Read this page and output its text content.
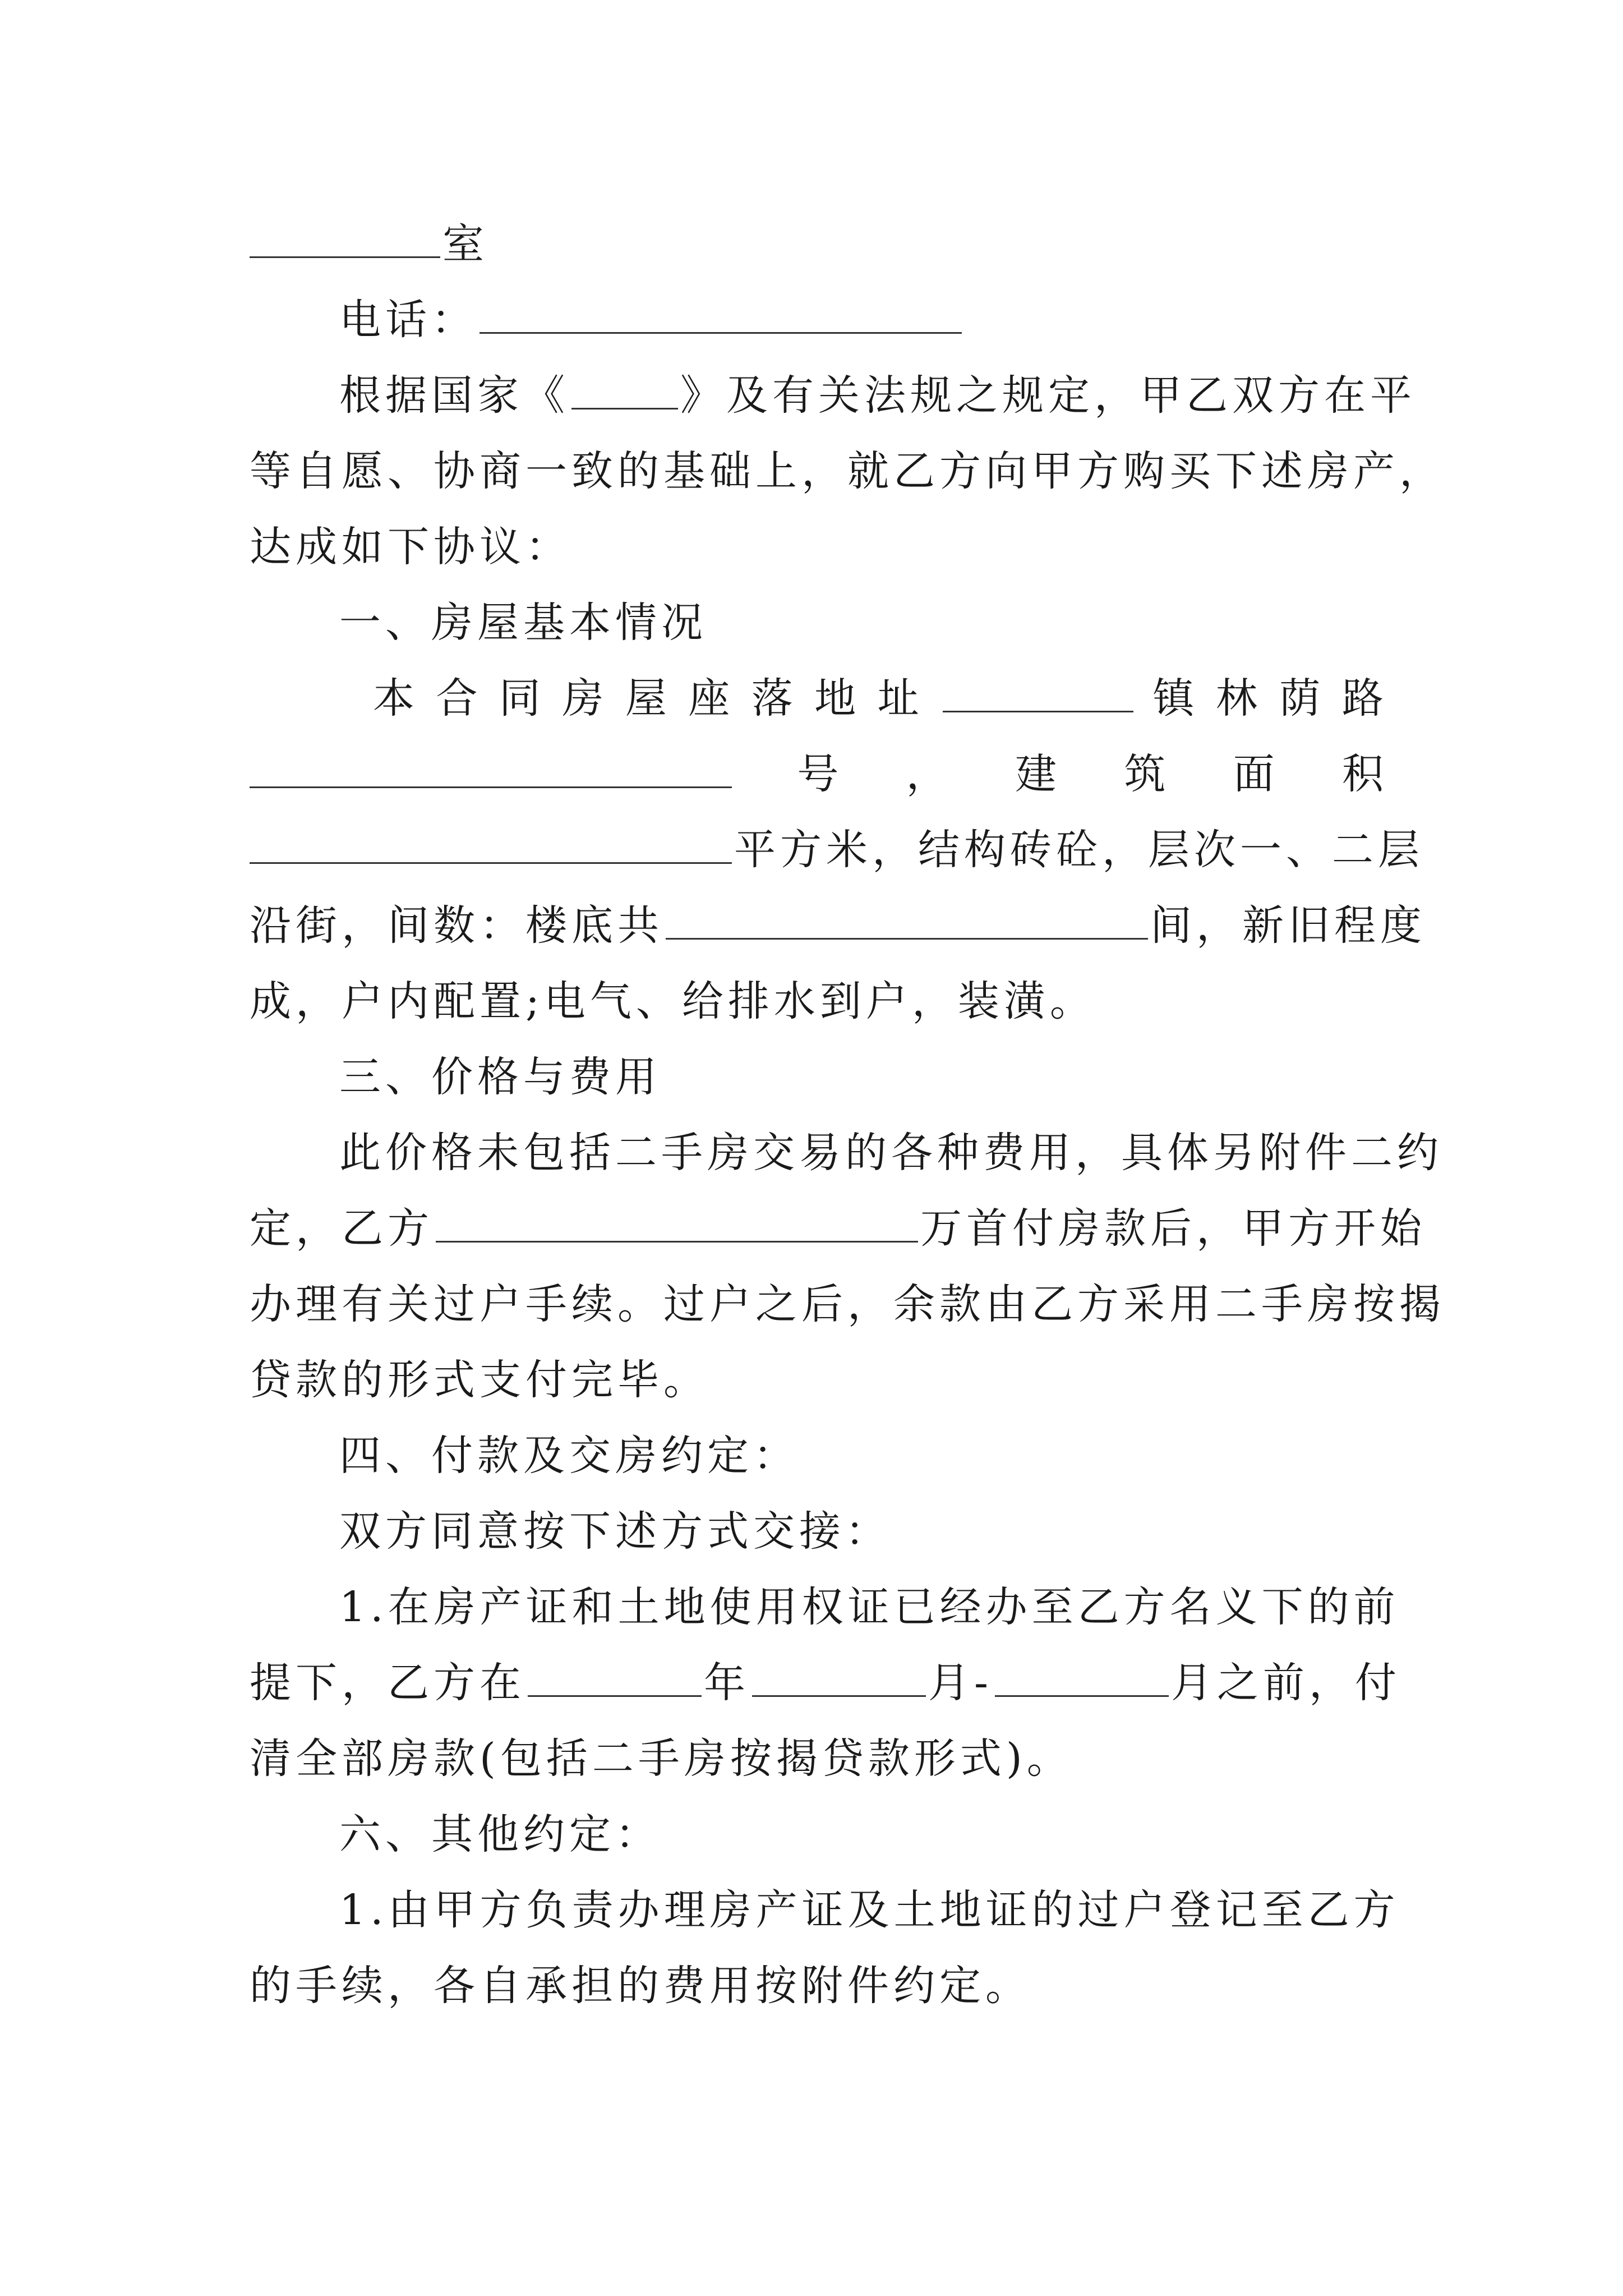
室
电话：
根据国家《	》及有关法规之规定，甲乙双方在平
等自愿、协商一致的基础上，就乙方向甲方购买下述房产，
达成如下协议：
一、房屋基本情况
本 合 同 房 屋 座 落 地 址	镇 林 荫 路
号 ， 建 筑 面 积
平方米，结构砖砼，层次一、二层
沿街，间数：楼底共	间，新旧程度
成，户内配置;电气、给排水到户，装潢。
三、价格与费用
此价格未包括二手房交易的各种费用，具体另附件二约
定，乙方	万首付房款后，甲方开始
办理有关过户手续。过户之后，余款由乙方采用二手房按揭
贷款的形式支付完毕。
四、付款及交房约定：
双方同意按下述方式交接：
1.在房产证和土地使用权证已经办至乙方名义下的前
提下，乙方在	年	月-	月之前，付
清全部房款(包括二手房按揭贷款形式)。
六、其他约定：
1.由甲方负责办理房产证及土地证的过户登记至乙方
的手续，各自承担的费用按附件约定。
